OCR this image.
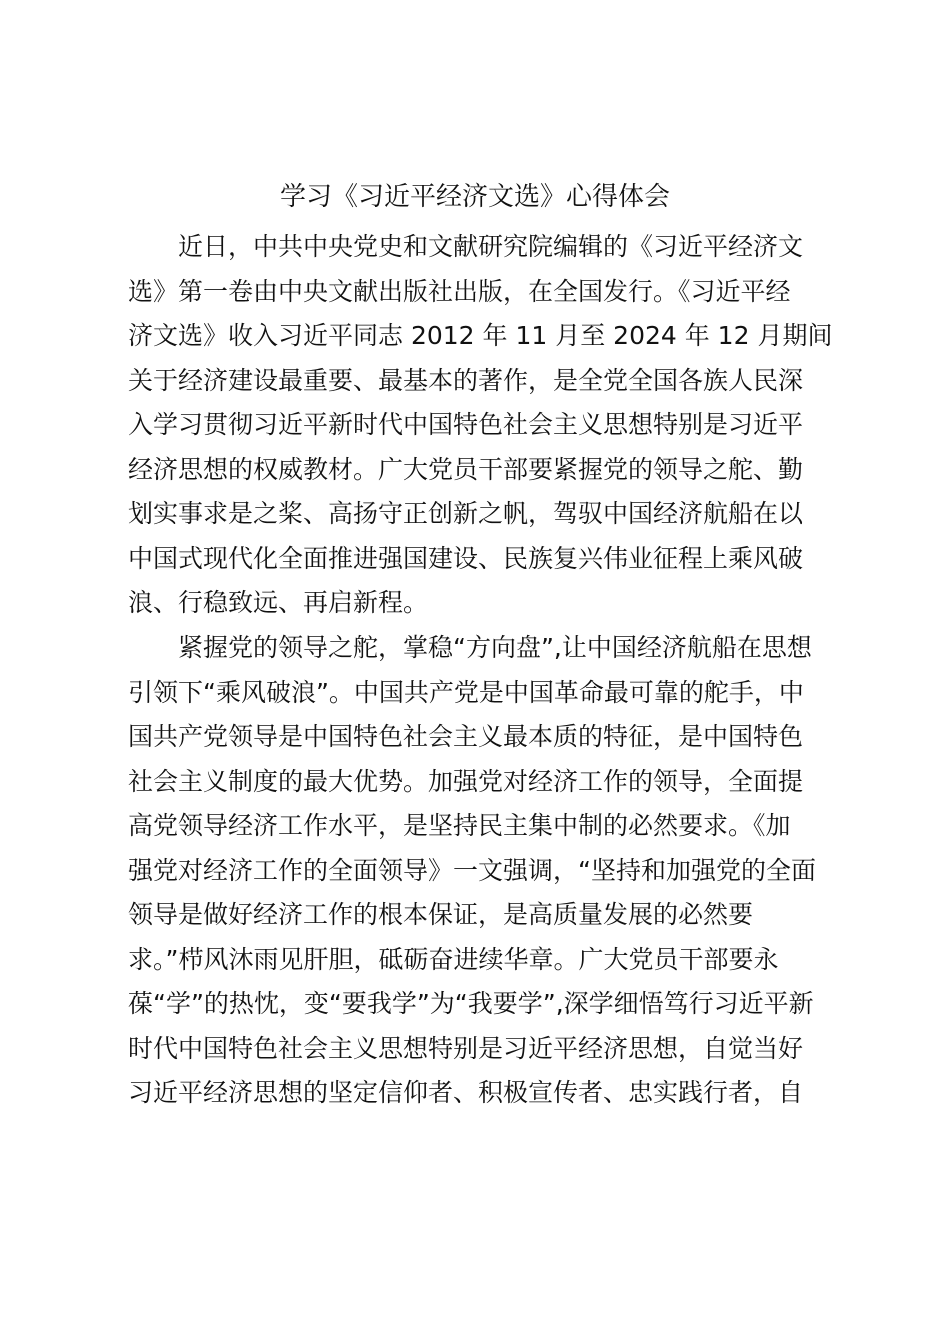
学习《习近平经济文选》心得体会
近日，中共中央党史和文献研究院编辑的《习近平经济文
选》第一卷由中央文献出版社出版，在全国发行。《习近平经
济文选》收入习近平同志 2012 年 11 月至 2024 年 12 月期间
关于经济建设最重要、最基本的著作，是全党全国各族人民深
入学习贯彻习近平新时代中国特色社会主义思想特别是习近平
经济思想的权威教材。广大党员干部要紧握党的领导之舵、勤
划实事求是之桨、高扬守正创新之帆，驾驭中国经济航船在以
中国式现代化全面推进强国建设、民族复兴伟业征程上乘风破
浪、行稳致远、再启新程。
紧握党的领导之舵，掌稳“方向盘”,让中国经济航船在思想
引领下“乘风破浪”。中国共产党是中国革命最可靠的舵手，中
国共产党领导是中国特色社会主义最本质的特征，是中国特色
社会主义制度的最大优势。加强党对经济工作的领导，全面提
高党领导经济工作水平，是坚持民主集中制的必然要求。《加
强党对经济工作的全面领导》一文强调，“坚持和加强党的全面
领导是做好经济工作的根本保证，是高质量发展的必然要
求。”栉风沐雨见肝胆，砥砺奋进续华章。广大党员干部要永
葆“学”的热忱，变“要我学”为“我要学”,深学细悟笃行习近平新
时代中国特色社会主义思想特别是习近平经济思想，自觉当好
习近平经济思想的坚定信仰者、积极宣传者、忠实践行者，自
